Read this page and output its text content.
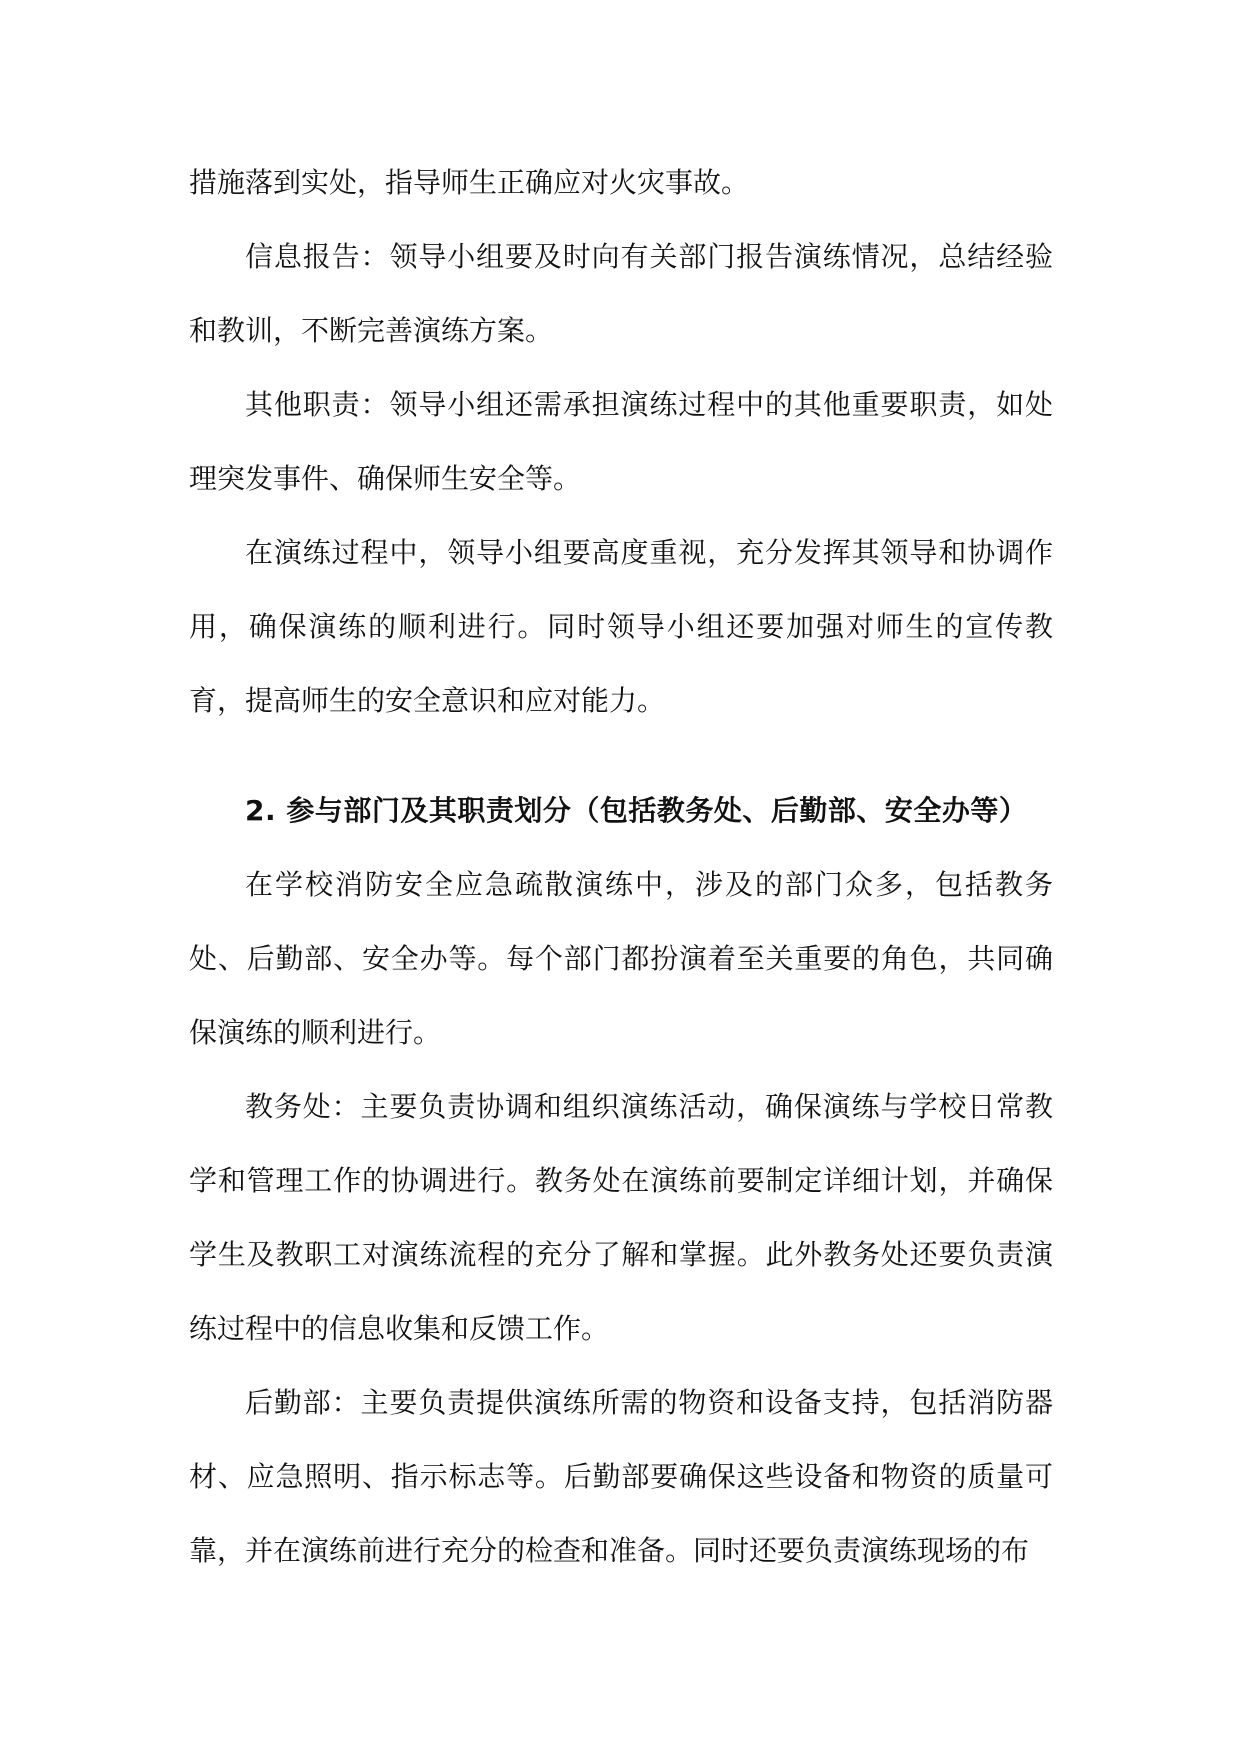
措施落到实处，指导师生正确应对火灾事故。

信息报告：领导小组要及时向有关部门报告演练情况，总结经验和教训，不断完善演练方案。

其他职责：领导小组还需承担演练过程中的其他重要职责，如处理突发事件、确保师生安全等。

在演练过程中，领导小组要高度重视，充分发挥其领导和协调作用，确保演练的顺利进行。同时领导小组还要加强对师生的宣传教育，提高师生的安全意识和应对能力。

2. 参与部门及其职责划分（包括教务处、后勤部、安全办等）

在学校消防安全应急疏散演练中，涉及的部门众多，包括教务处、后勤部、安全办等。每个部门都扮演着至关重要的角色，共同确保演练的顺利进行。

教务处：主要负责协调和组织演练活动，确保演练与学校日常教学和管理工作的协调进行。教务处在演练前要制定详细计划，并确保学生及教职工对演练流程的充分了解和掌握。此外教务处还要负责演练过程中的信息收集和反馈工作。

后勤部：主要负责提供演练所需的物资和设备支持，包括消防器材、应急照明、指示标志等。后勤部要确保这些设备和物资的质量可靠，并在演练前进行充分的检查和准备。同时还要负责演练现场的布
